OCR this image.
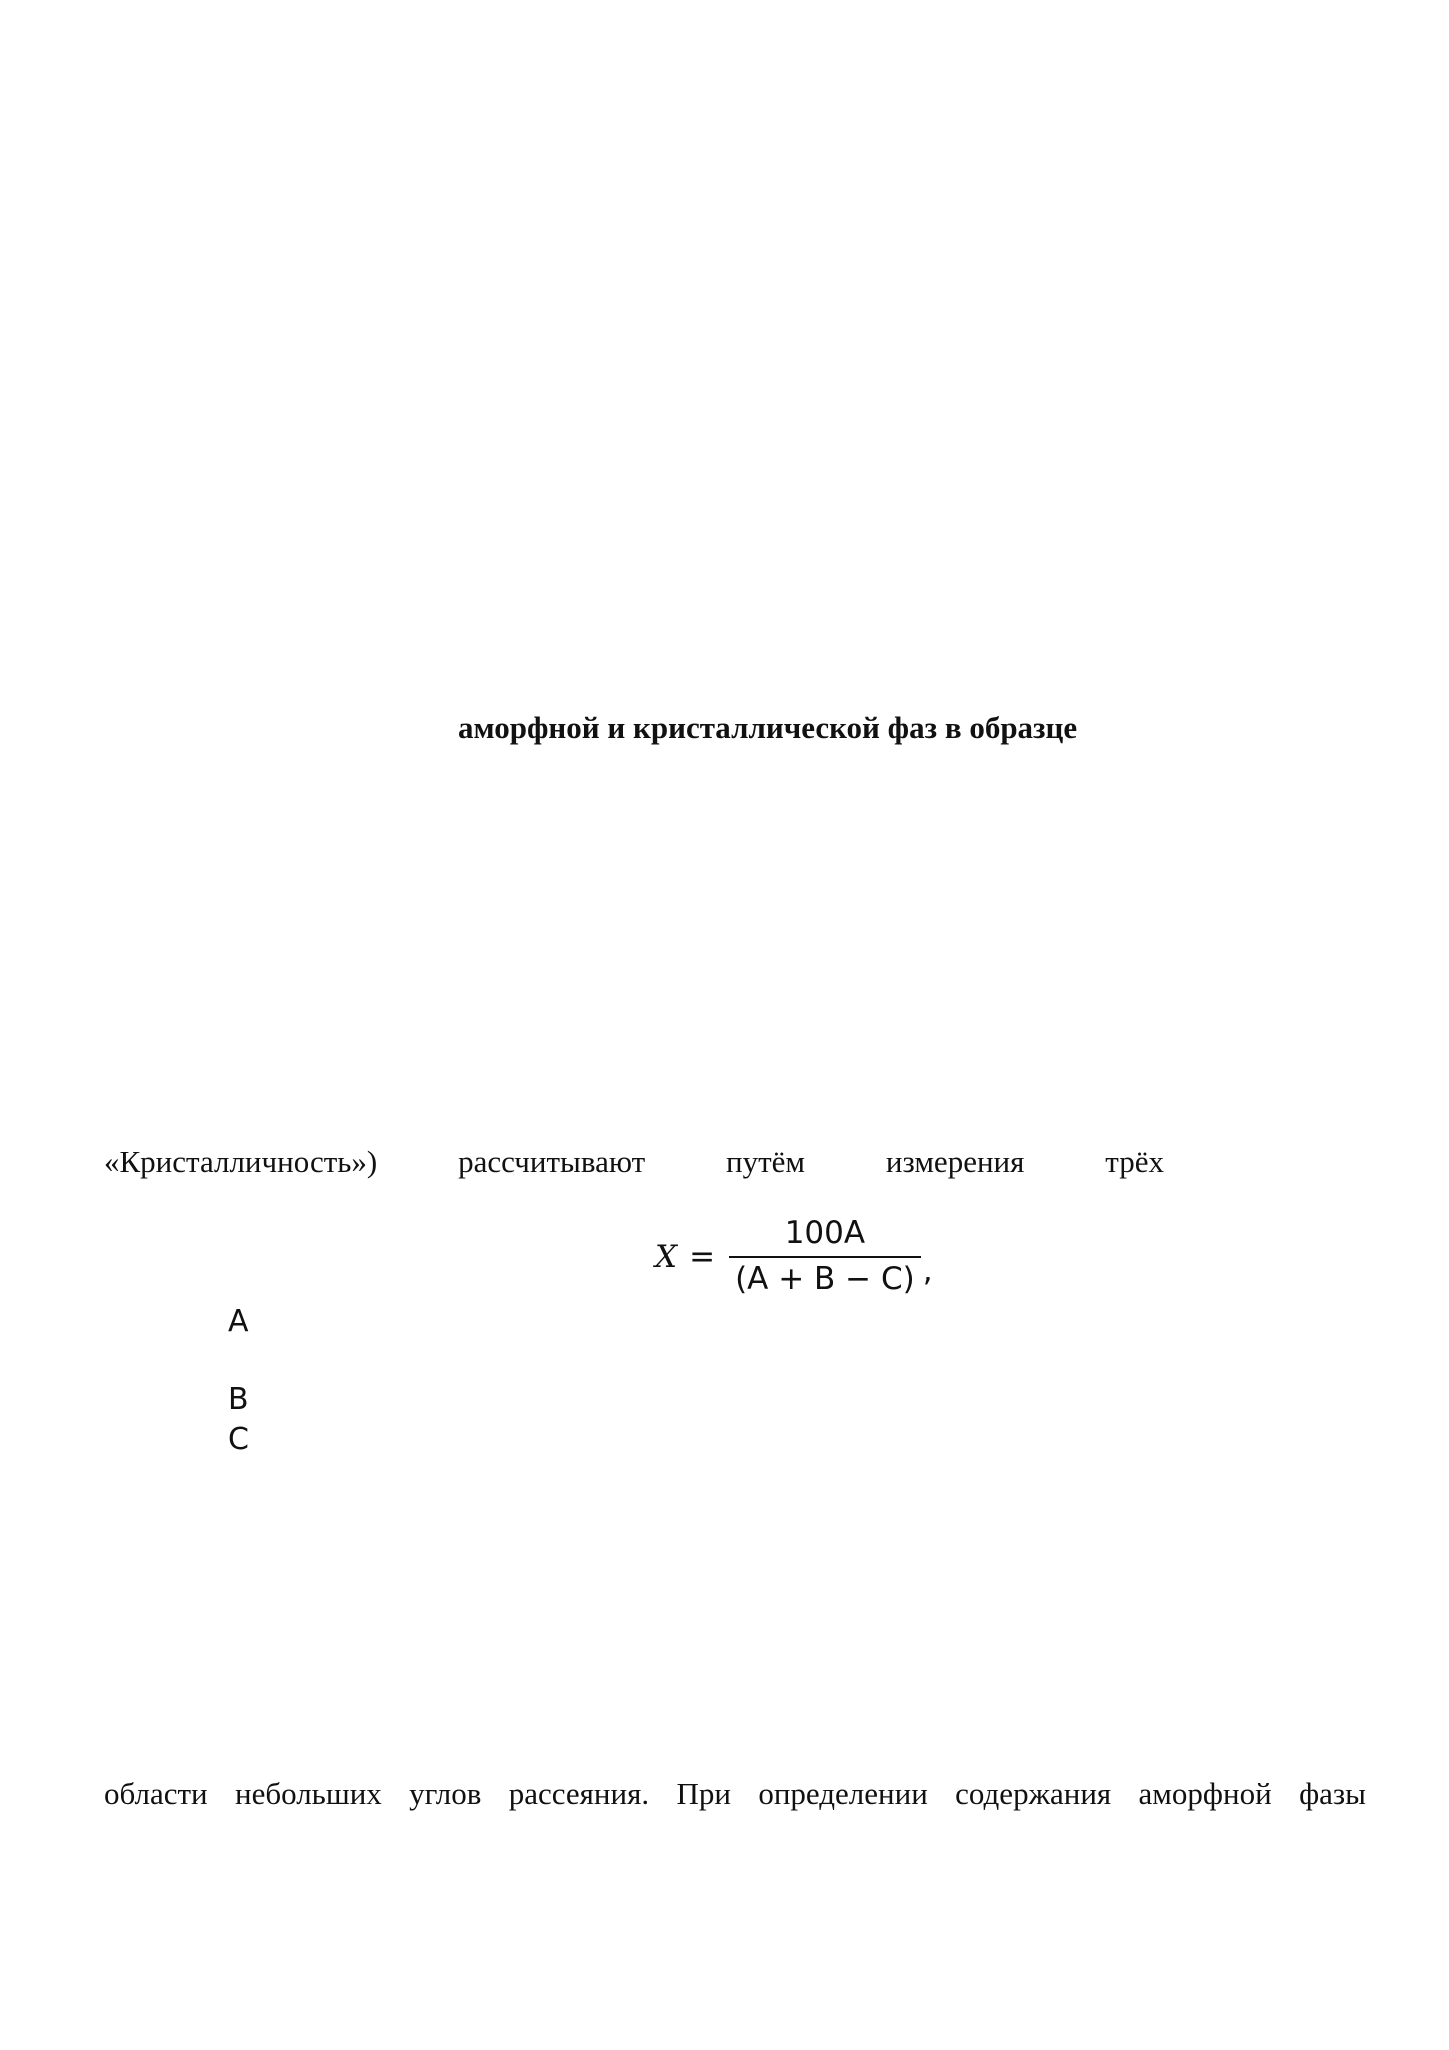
аморфной и кристаллической фаз в образце

«Кристалличность»)	рассчитывают	путём	измерения	трёх

$X = \frac{100A}{(A + B - C)}$ ,

A

B

C

области небольших углов рассеяния. При определении содержания аморфной фазы
